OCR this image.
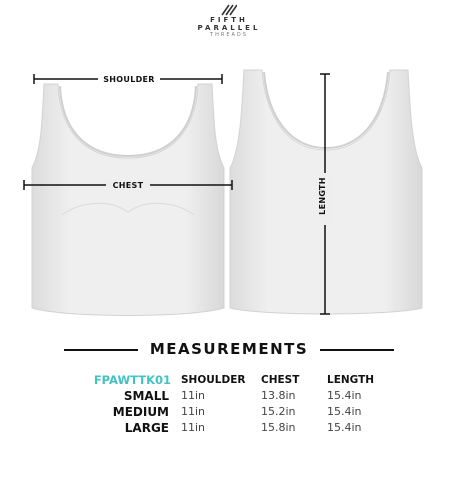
FIFTH
PARALLEL
THREADS
SHOULDER
CHEST	LENGTH
MEASUREMENTS
FPAWTTK01	SHOULDER	CHEST	LENGTH
SMALL	11in	13.8in	15.4in
MEDIUM	11in	15.2in	15.4in
LARGE	11in	15.8in	15.4in
